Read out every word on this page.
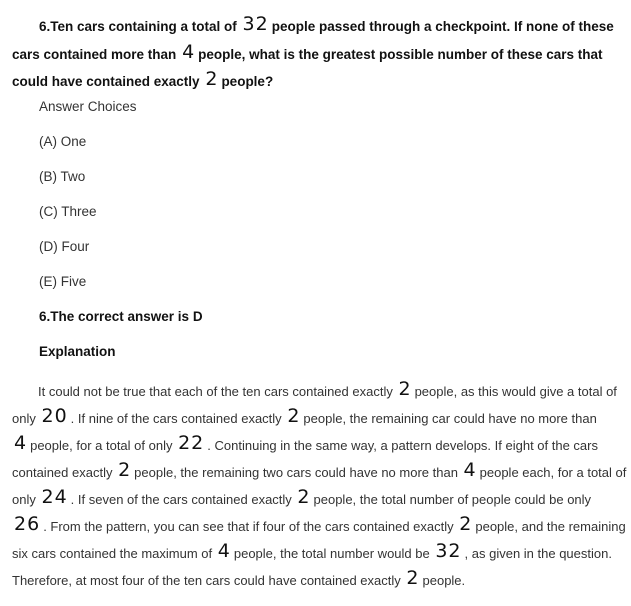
6.Ten cars containing a total of 32 people passed through a checkpoint. If none of these cars contained more than 4 people, what is the greatest possible number of these cars that could have contained exactly 2 people?
Answer Choices
(A) One
(B) Two
(C) Three
(D) Four
(E) Five
6.The correct answer is D
Explanation
It could not be true that each of the ten cars contained exactly 2 people, as this would give a total of only 20 . If nine of the cars contained exactly 2 people, the remaining car could have no more than 4 people, for a total of only 22 . Continuing in the same way, a pattern develops. If eight of the cars contained exactly 2 people, the remaining two cars could have no more than 4 people each, for a total of only 24 . If seven of the cars contained exactly 2 people, the total number of people could be only 26 . From the pattern, you can see that if four of the cars contained exactly 2 people, and the remaining six cars contained the maximum of 4 people, the total number would be 32 , as given in the question. Therefore, at most four of the ten cars could have contained exactly 2 people.
